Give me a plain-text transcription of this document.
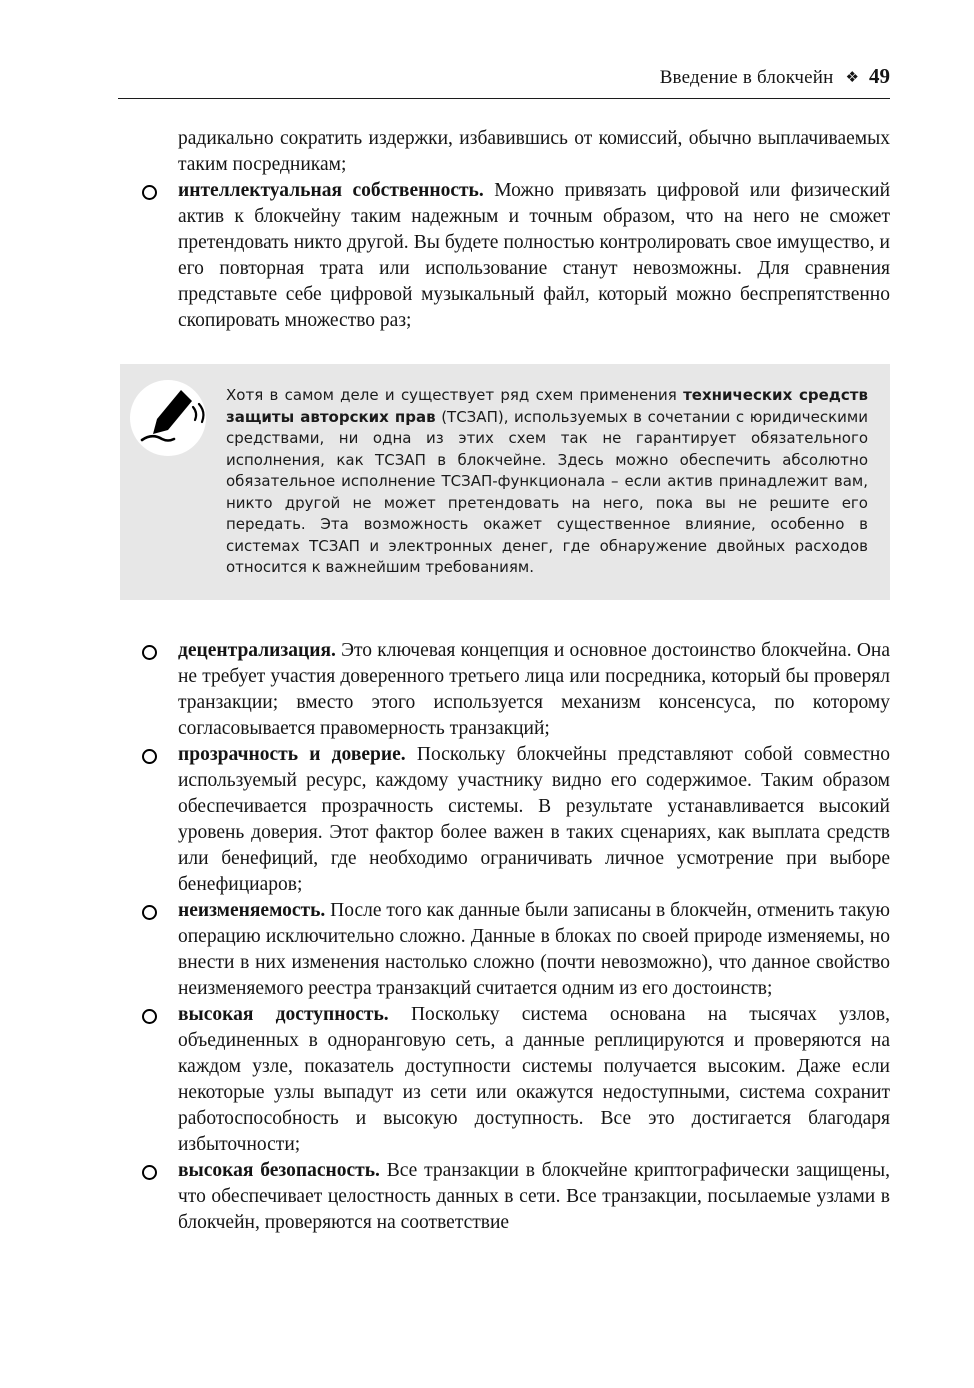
Введение в блокчейн ❖ 49

радикально сократить издержки, избавившись от комиссий, обычно выплачиваемых таким посредникам;

интеллектуальная собственность. Можно привязать цифровой или физический актив к блокчейну таким надежным и точным образом, что на него не сможет претендовать никто другой. Вы будете полностью контролировать свое имущество, и его повторная трата или использование станут невозможны. Для сравнения представьте себе цифровой музыкальный файл, который можно беспрепятственно скопировать множество раз;
Хотя в самом деле и существует ряд схем применения технических средств защиты авторских прав (ТСЗАП), используемых в сочетании с юридическими средствами, ни одна из этих схем так не гарантирует обязательного исполнения, как ТСЗАП в блокчейне. Здесь можно обеспечить абсолютно обязательное исполнение ТСЗАП-функционала – если актив принадлежит вам, никто другой не может претендовать на него, пока вы не решите его передать. Эта возможность окажет существенное влияние, особенно в системах ТСЗАП и электронных денег, где обнаружение двойных расходов относится к важнейшим требованиям.
децентрализация. Это ключевая концепция и основное достоинство блокчейна. Она не требует участия доверенного третьего лица или посредника, который бы проверял транзакции; вместо этого используется механизм консенсуса, по которому согласовывается правомерность транзакций;
прозрачность и доверие. Поскольку блокчейны представляют собой совместно используемый ресурс, каждому участнику видно его содержимое. Таким образом обеспечивается прозрачность системы. В результате устанавливается высокий уровень доверия. Этот фактор более важен в таких сценариях, как выплата средств или бенефиций, где необходимо ограничивать личное усмотрение при выборе бенефициаров;
неизменяемость. После того как данные были записаны в блокчейн, отменить такую операцию исключительно сложно. Данные в блоках по своей природе изменяемы, но внести в них изменения настолько сложно (почти невозможно), что данное свойство неизменяемого реестра транзакций считается одним из его достоинств;
высокая доступность. Поскольку система основана на тысячах узлов, объединенных в одноранговую сеть, а данные реплицируются и проверяются на каждом узле, показатель доступности системы получается высоким. Даже если некоторые узлы выпадут из сети или окажутся недоступными, система сохранит работоспособность и высокую доступность. Все это достигается благодаря избыточности;
высокая безопасность. Все транзакции в блокчейне криптографически защищены, что обеспечивает целостность данных в сети. Все транзакции, посылаемые узлами в блокчейн, проверяются на соответствие
